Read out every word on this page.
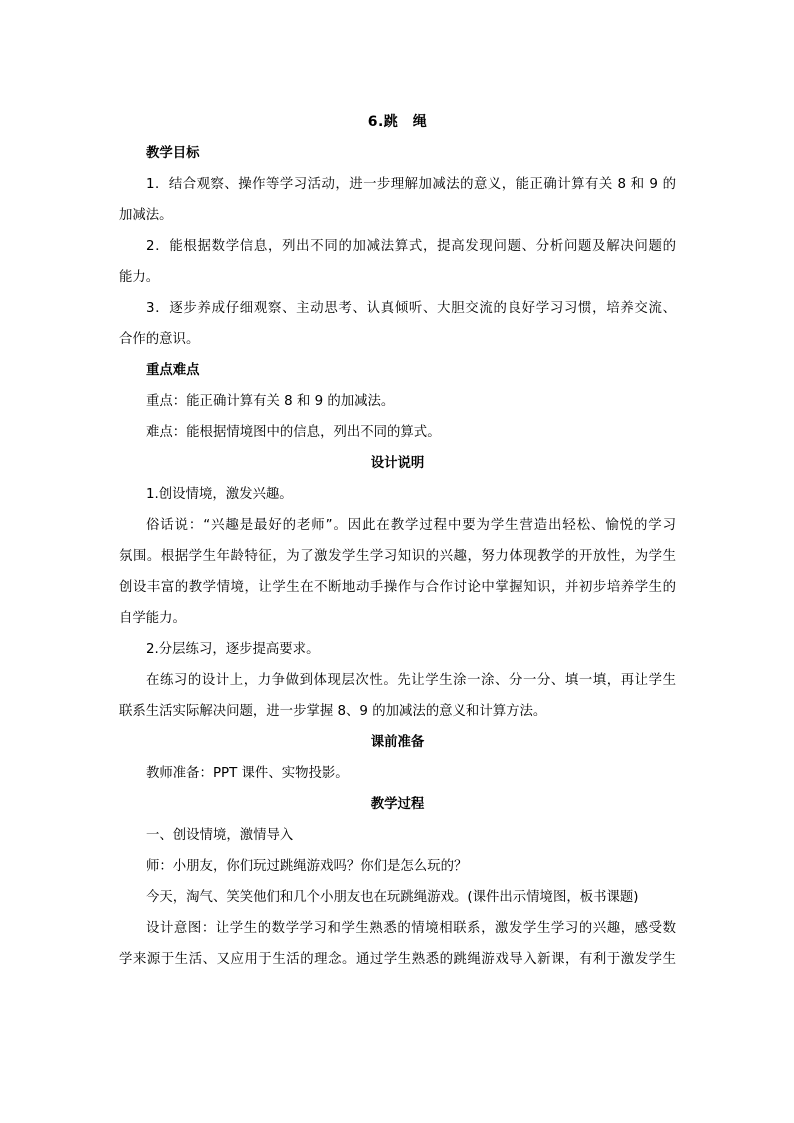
6.跳　绳

教学目标

1．结合观察、操作等学习活动，进一步理解加减法的意义，能正确计算有关 8 和 9 的

加减法。

2．能根据数学信息，列出不同的加减法算式，提高发现问题、分析问题及解决问题的

能力。

3．逐步养成仔细观察、主动思考、认真倾听、大胆交流的良好学习习惯，培养交流、

合作的意识。

重点难点

重点：能正确计算有关 8 和 9 的加减法。

难点：能根据情境图中的信息，列出不同的算式。

设计说明

1.创设情境，激发兴趣。

俗话说：“兴趣是最好的老师”。因此在教学过程中要为学生营造出轻松、愉悦的学习

氛围。根据学生年龄特征，为了激发学生学习知识的兴趣，努力体现教学的开放性，为学生

创设丰富的教学情境，让学生在不断地动手操作与合作讨论中掌握知识，并初步培养学生的

自学能力。

2.分层练习，逐步提高要求。

在练习的设计上，力争做到体现层次性。先让学生涂一涂、分一分、填一填，再让学生

联系生活实际解决问题，进一步掌握 8、9 的加减法的意义和计算方法。

课前准备

教师准备：PPT 课件、实物投影。

教学过程

一、创设情境，激情导入

师：小朋友，你们玩过跳绳游戏吗？你们是怎么玩的？

今天，淘气、笑笑他们和几个小朋友也在玩跳绳游戏。(课件出示情境图，板书课题)

设计意图：让学生的数学学习和学生熟悉的情境相联系，激发学生学习的兴趣，感受数

学来源于生活、又应用于生活的理念。通过学生熟悉的跳绳游戏导入新课，有利于激发学生
